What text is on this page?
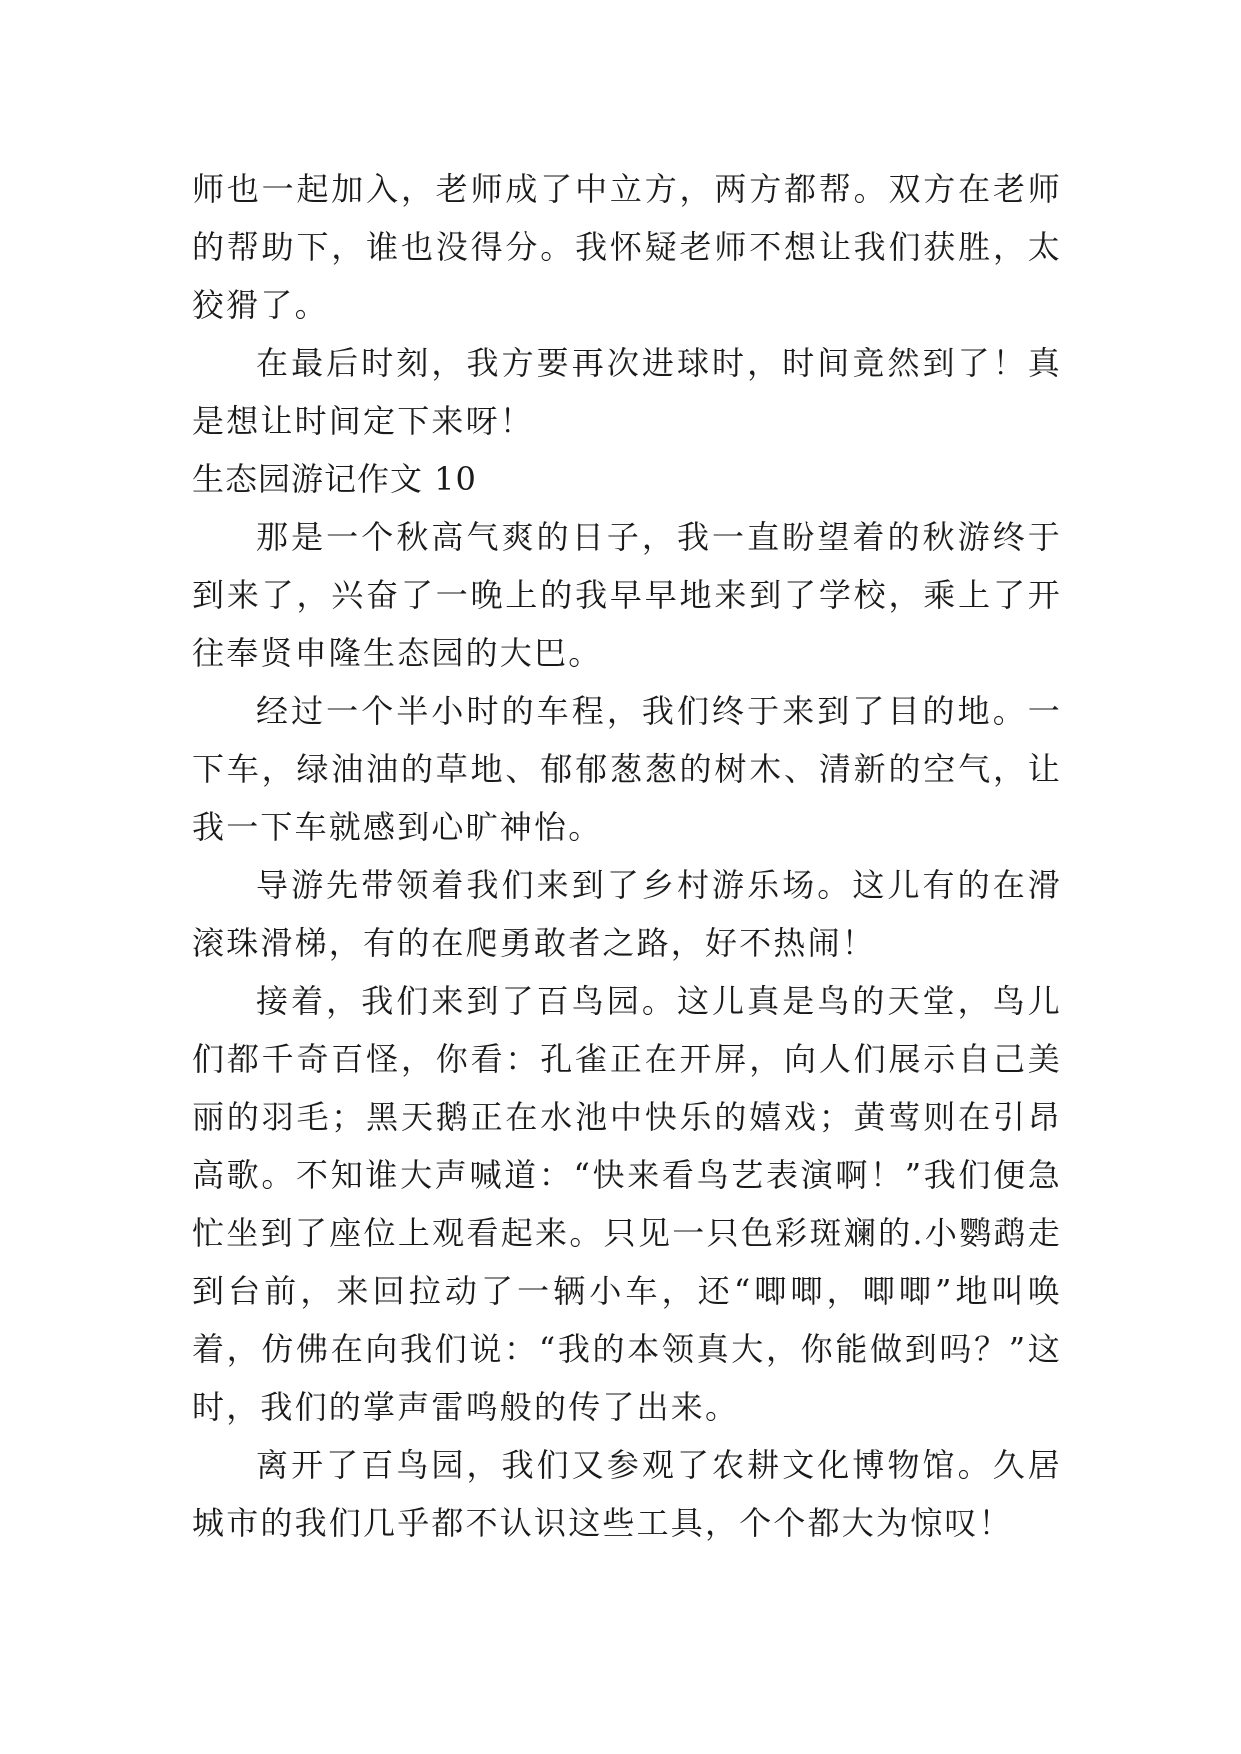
师也一起加入，老师成了中立方，两方都帮。双方在老师的帮助下，谁也没得分。我怀疑老师不想让我们获胜，太狡猾了。

在最后时刻，我方要再次进球时，时间竟然到了！真是想让时间定下来呀！

生态园游记作文 10

那是一个秋高气爽的日子，我一直盼望着的秋游终于到来了，兴奋了一晚上的我早早地来到了学校，乘上了开往奉贤申隆生态园的大巴。

经过一个半小时的车程，我们终于来到了目的地。一下车，绿油油的草地、郁郁葱葱的树木、清新的空气，让我一下车就感到心旷神怡。

导游先带领着我们来到了乡村游乐场。这儿有的在滑滚珠滑梯，有的在爬勇敢者之路，好不热闹！

接着，我们来到了百鸟园。这儿真是鸟的天堂，鸟儿们都千奇百怪，你看：孔雀正在开屏，向人们展示自己美丽的羽毛；黑天鹅正在水池中快乐的嬉戏；黄莺则在引昂高歌。不知谁大声喊道：“快来看鸟艺表演啊！”我们便急忙坐到了座位上观看起来。只见一只色彩斑斓的.小鹦鹉走到台前，来回拉动了一辆小车，还“唧唧，唧唧”地叫唤着，仿佛在向我们说：“我的本领真大，你能做到吗？”这时，我们的掌声雷鸣般的传了出来。

离开了百鸟园，我们又参观了农耕文化博物馆。久居城市的我们几乎都不认识这些工具，个个都大为惊叹！
